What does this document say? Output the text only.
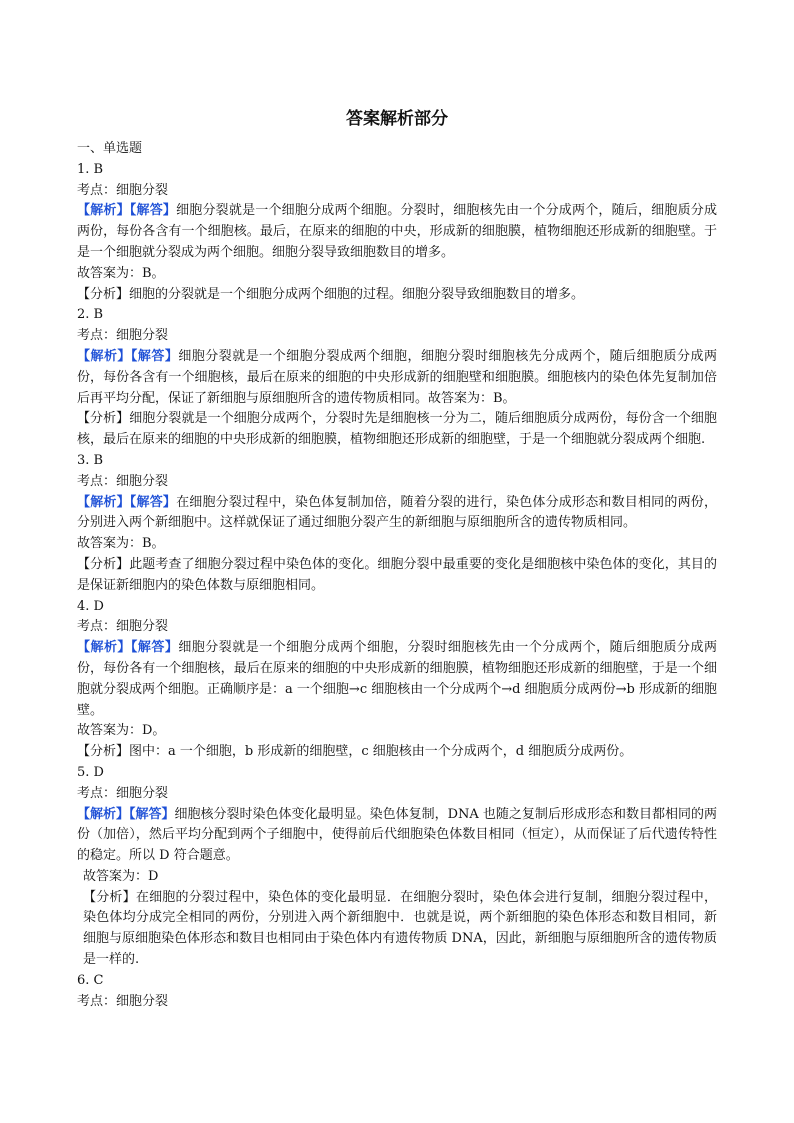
答案解析部分
一、单选题
1. B
考点：细胞分裂
【解析】【解答】细胞分裂就是一个细胞分成两个细胞。分裂时，细胞核先由一个分成两个，随后，细胞质分成两份，每份各含有一个细胞核。最后，在原来的细胞的中央，形成新的细胞膜，植物细胞还形成新的细胞壁。于是一个细胞就分裂成为两个细胞。细胞分裂导致细胞数目的增多。
故答案为：B。
【分析】细胞的分裂就是一个细胞分成两个细胞的过程。细胞分裂导致细胞数目的增多。
2. B
考点：细胞分裂
【解析】【解答】细胞分裂就是一个细胞分裂成两个细胞，细胞分裂时细胞核先分成两个，随后细胞质分成两份，每份各含有一个细胞核，最后在原来的细胞的中央形成新的细胞壁和细胞膜。细胞核内的染色体先复制加倍后再平均分配，保证了新细胞与原细胞所含的遗传物质相同。故答案为：B。
【分析】细胞分裂就是一个细胞分成两个，分裂时先是细胞核一分为二，随后细胞质分成两份，每份含一个细胞核，最后在原来的细胞的中央形成新的细胞膜，植物细胞还形成新的细胞壁，于是一个细胞就分裂成两个细胞.
3. B
考点：细胞分裂
【解析】【解答】在细胞分裂过程中，染色体复制加倍，随着分裂的进行，染色体分成形态和数目相同的两份，分别进入两个新细胞中。这样就保证了通过细胞分裂产生的新细胞与原细胞所含的遗传物质相同。
故答案为：B。
【分析】此题考查了细胞分裂过程中染色体的变化。细胞分裂中最重要的变化是细胞核中染色体的变化，其目的是保证新细胞内的染色体数与原细胞相同。
4. D
考点：细胞分裂
【解析】【解答】细胞分裂就是一个细胞分成两个细胞，分裂时细胞核先由一个分成两个，随后细胞质分成两份，每份各有一个细胞核，最后在原来的细胞的中央形成新的细胞膜，植物细胞还形成新的细胞壁，于是一个细胞就分裂成两个细胞。正确顺序是：a 一个细胞→c 细胞核由一个分成两个→d 细胞质分成两份→b 形成新的细胞壁。
故答案为：D。
【分析】图中：a 一个细胞，b 形成新的细胞壁，c 细胞核由一个分成两个，d 细胞质分成两份。
5. D
考点：细胞分裂
【解析】【解答】细胞核分裂时染色体变化最明显。染色体复制，DNA 也随之复制后形成形态和数目都相同的两份（加倍），然后平均分配到两个子细胞中，使得前后代细胞染色体数目相同（恒定），从而保证了后代遗传特性的稳定。所以 D 符合题意。
故答案为：D
【分析】在细胞的分裂过程中，染色体的变化最明显．在细胞分裂时，染色体会进行复制，细胞分裂过程中，染色体均分成完全相同的两份，分别进入两个新细胞中．也就是说，两个新细胞的染色体形态和数目相同，新细胞与原细胞染色体形态和数目也相同由于染色体内有遗传物质 DNA，因此，新细胞与原细胞所含的遗传物质是一样的.
6. C
考点：细胞分裂
